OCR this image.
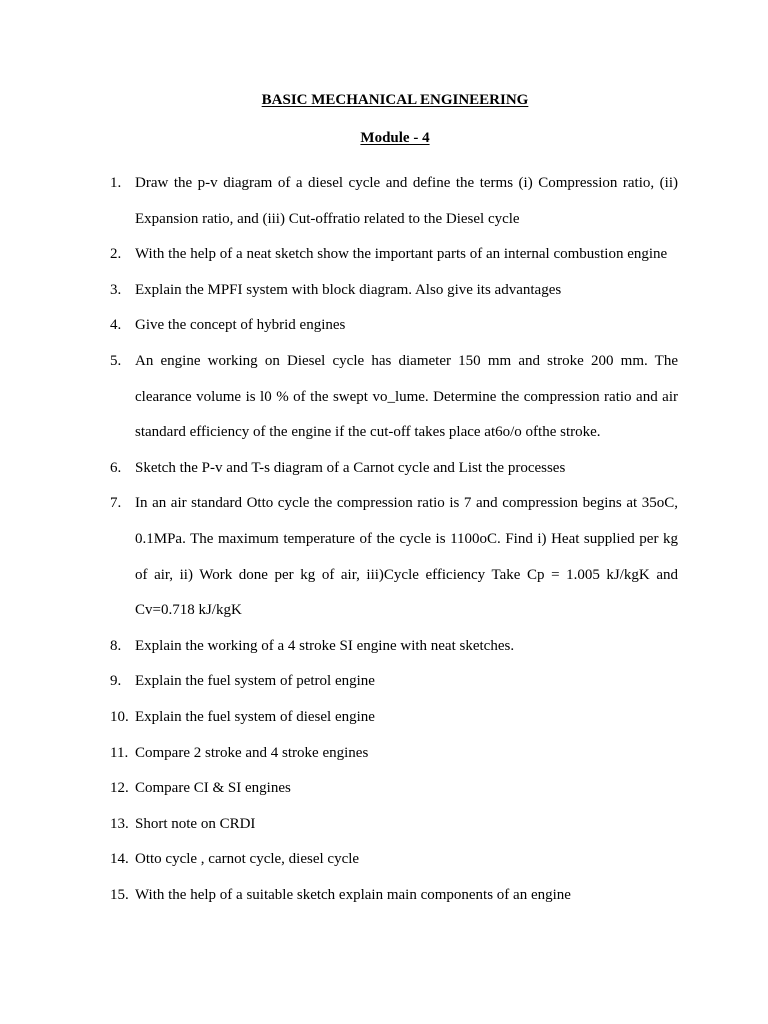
BASIC MECHANICAL ENGINEERING
Module - 4
1. Draw the p-v diagram of a diesel cycle and define the terms (i) Compression ratio, (ii) Expansion ratio, and (iii) Cut-offratio related to the Diesel cycle
2. With the help of a neat sketch show the important parts of an internal combustion engine
3. Explain the MPFI system with block diagram. Also give its advantages
4. Give the concept of hybrid engines
5. An engine working on Diesel cycle has diameter 150 mm and stroke 200 mm. The clearance volume is l0 % of the swept vo_lume. Determine the compression ratio and air standard efficiency of the engine if the cut-off takes place at6o/o ofthe stroke.
6. Sketch the P-v and T-s diagram of a Carnot cycle and List the processes
7. In an air standard Otto cycle the compression ratio is 7 and compression begins at 35oC, 0.1MPa. The maximum temperature of the cycle is 1100oC. Find i) Heat supplied per kg of air, ii) Work done per kg of air, iii)Cycle efficiency Take Cp = 1.005 kJ/kgK and Cv=0.718 kJ/kgK
8. Explain the working of a 4 stroke SI engine with neat sketches.
9. Explain the fuel system of petrol engine
10. Explain the fuel system of diesel engine
11. Compare 2 stroke and 4 stroke engines
12. Compare CI & SI engines
13. Short note on CRDI
14. Otto cycle , carnot cycle, diesel cycle
15. With the help of a suitable sketch explain main components of an engine
